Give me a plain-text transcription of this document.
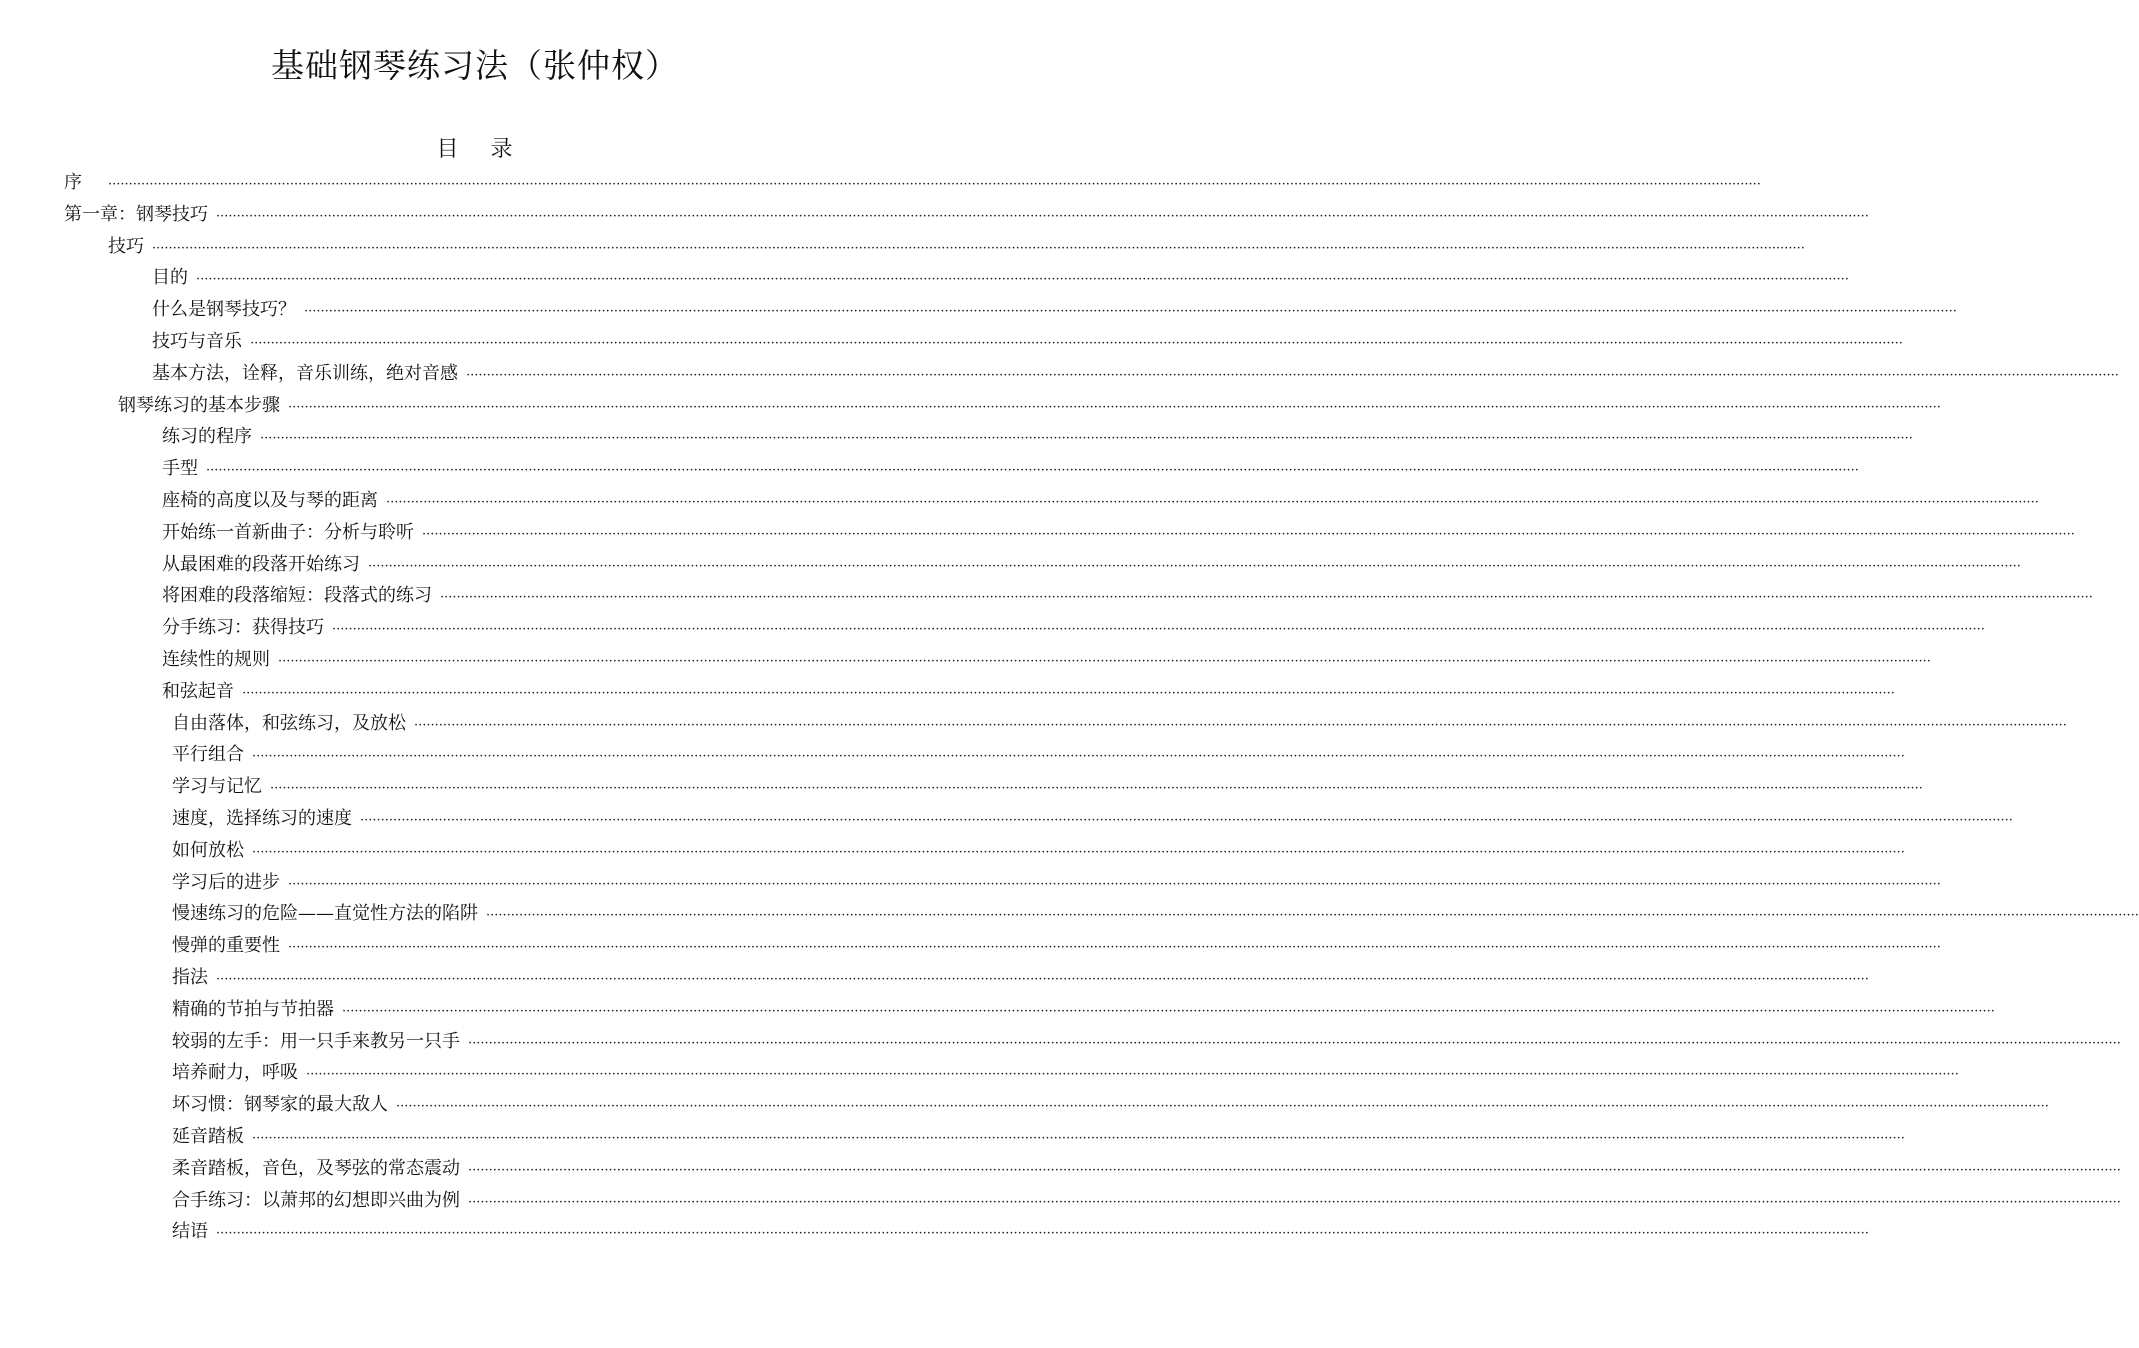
基础钢琴练习法（张仲权）
目　 录
序　 ················································································································································································································································································································································································································
第一章：钢琴技巧 ················································································································································································································································································································································································································
技巧 ················································································································································································································································································································································································································
目的 ················································································································································································································································································································································································································
什么是钢琴技巧？ ················································································································································································································································································································································································································
技巧与音乐 ················································································································································································································································································································································································································
基本方法，诠释，音乐训练，绝对音感 ················································································································································································································································································································································································································
钢琴练习的基本步骤 ················································································································································································································································································································································································································
练习的程序 ················································································································································································································································································································································································································
手型 ················································································································································································································································································································································································································
座椅的高度以及与琴的距离 ················································································································································································································································································································································································································
开始练一首新曲子：分析与聆听 ················································································································································································································································································································································································································
从最困难的段落开始练习 ················································································································································································································································································································································································································
将困难的段落缩短：段落式的练习 ················································································································································································································································································································································································································
分手练习：获得技巧 ················································································································································································································································································································································································································
连续性的规则 ················································································································································································································································································································································································································
和弦起音 ················································································································································································································································································································································································································
自由落体，和弦练习，及放松 ················································································································································································································································································································································································································
平行组合 ················································································································································································································································································································································································································
学习与记忆 ················································································································································································································································································································································································································
速度，选择练习的速度 ················································································································································································································································································································································································································
如何放松 ················································································································································································································································································································································································································
学习后的进步 ················································································································································································································································································································································································································
慢速练习的危险——直觉性方法的陷阱 ················································································································································································································································································································································································································
慢弹的重要性 ················································································································································································································································································································································································································
指法 ················································································································································································································································································································································································································
精确的节拍与节拍器 ················································································································································································································································································································································································································
较弱的左手：用一只手来教另一只手 ················································································································································································································································································································································································································
培养耐力，呼吸 ················································································································································································································································································································································································································
坏习惯：钢琴家的最大敌人 ················································································································································································································································································································································································································
延音踏板 ················································································································································································································································································································································································································
柔音踏板，音色，及琴弦的常态震动 ················································································································································································································································································································································································································
合手练习：以萧邦的幻想即兴曲为例 ················································································································································································································································································································································································································
结语 ················································································································································································································································································································································································································
